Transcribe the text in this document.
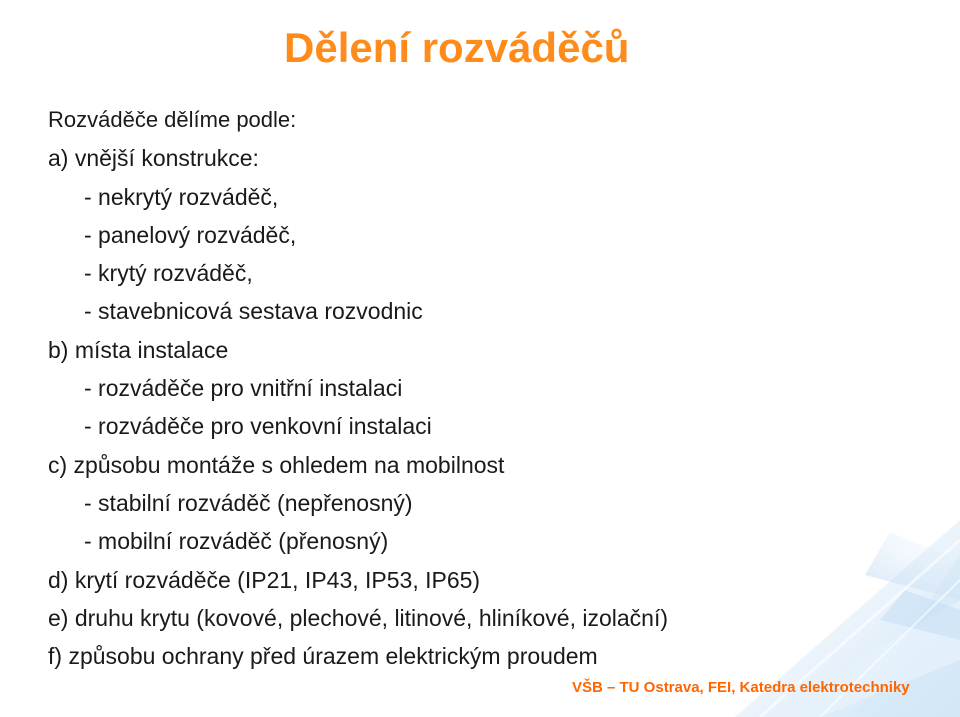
Dělení rozváděčů
Rozváděče dělíme podle:
a) vnější konstrukce:
- nekrytý rozváděč,
- panelový rozváděč,
- krytý rozváděč,
- stavebnicová sestava rozvodnic
b) místa instalace
- rozváděče pro vnitřní instalaci
- rozváděče pro venkovní instalaci
c) způsobu montáže s ohledem na mobilnost
- stabilní rozváděč (nepřenosný)
- mobilní rozváděč (přenosný)
d) krytí rozváděče (IP21, IP43, IP53, IP65)
e) druhu krytu (kovové, plechové, litinové, hliníkové, izolační)
f) způsobu ochrany před úrazem elektrickým proudem

VŠB – TU Ostrava, FEI, Katedra elektrotechniky
